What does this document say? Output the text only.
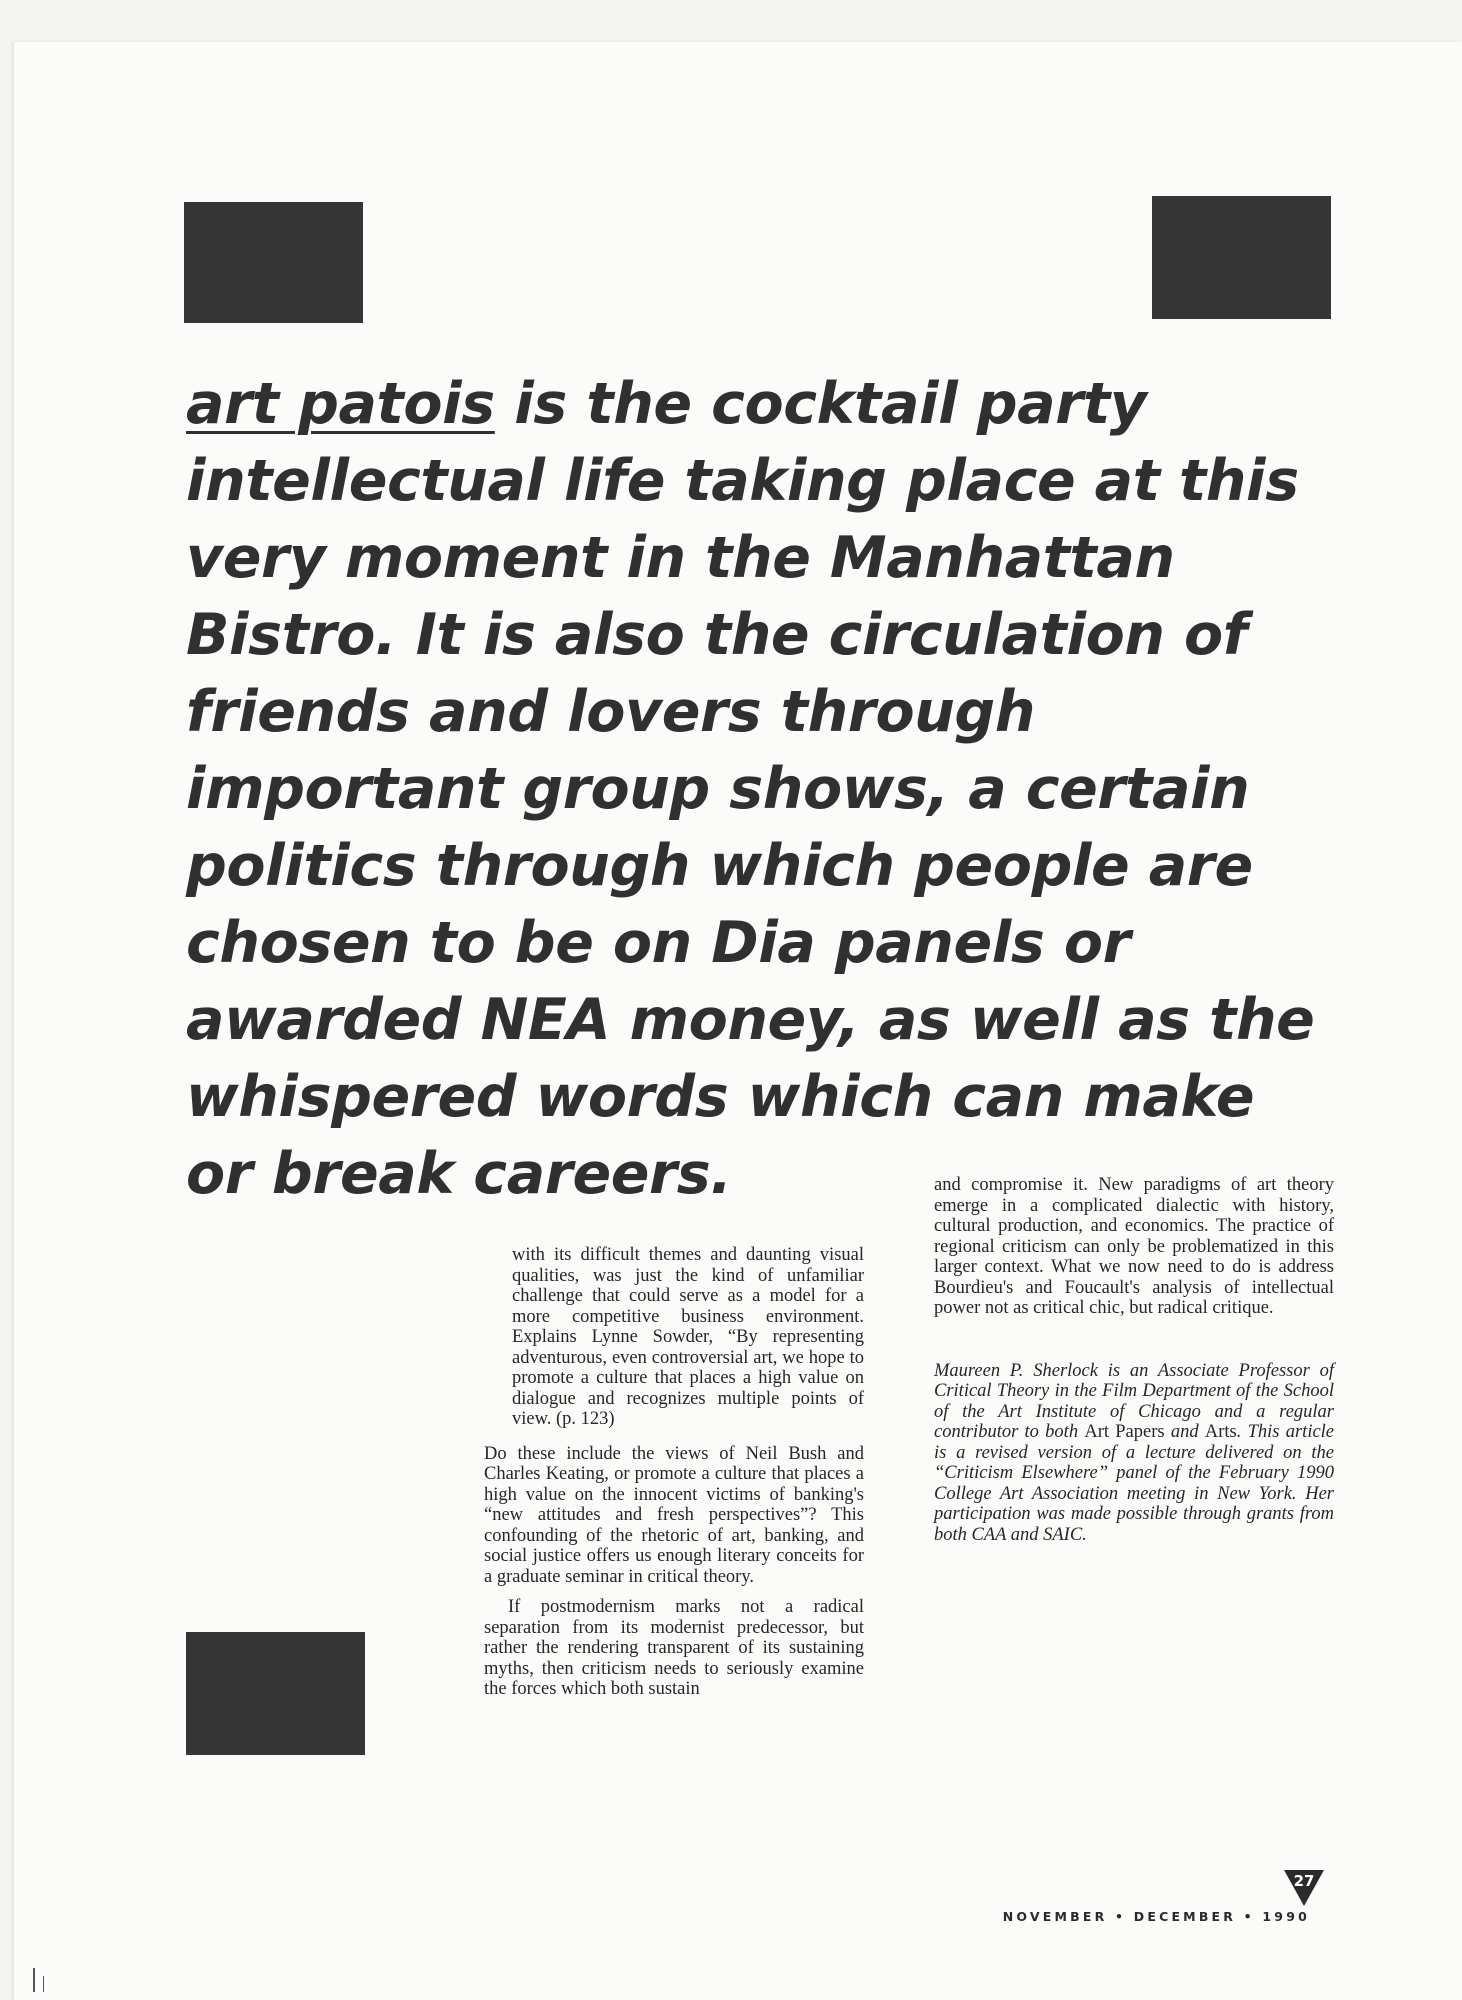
art patois is the cocktail party intellectual life taking place at this very moment in the Manhattan Bistro. It is also the circulation of friends and lovers through important group shows, a certain politics through which people are chosen to be on Dia panels or awarded NEA money, as well as the whispered words which can make or break careers.

with its difficult themes and daunting visual qualities, was just the kind of unfamiliar challenge that could serve as a model for a more competitive business environment. Explains Lynne Sowder, “By representing adventurous, even controversial art, we hope to promote a culture that places a high value on dialogue and recognizes multiple points of view. (p. 123)

Do these include the views of Neil Bush and Charles Keating, or promote a culture that places a high value on the innocent victims of banking's “new attitudes and fresh perspectives”? This confounding of the rhetoric of art, banking, and social justice offers us enough literary conceits for a graduate seminar in critical theory.

If postmodernism marks not a radical separation from its modernist predecessor, but rather the rendering transparent of its sustaining myths, then criticism needs to seriously examine the forces which both sustain

and compromise it. New paradigms of art theory emerge in a complicated dialectic with history, cultural production, and economics. The practice of regional criticism can only be problematized in this larger context. What we now need to do is address Bourdieu's and Foucault's analysis of intellectual power not as critical chic, but radical critique.

Maureen P. Sherlock is an Associate Professor of Critical Theory in the Film Department of the School of the Art Institute of Chicago and a regular contributor to both Art Papers and Arts. This article is a revised version of a lecture delivered on the “Criticism Elsewhere” panel of the February 1990 College Art Association meeting in New York. Her participation was made possible through grants from both CAA and SAIC.

27
NOVEMBER • DECEMBER • 1990
